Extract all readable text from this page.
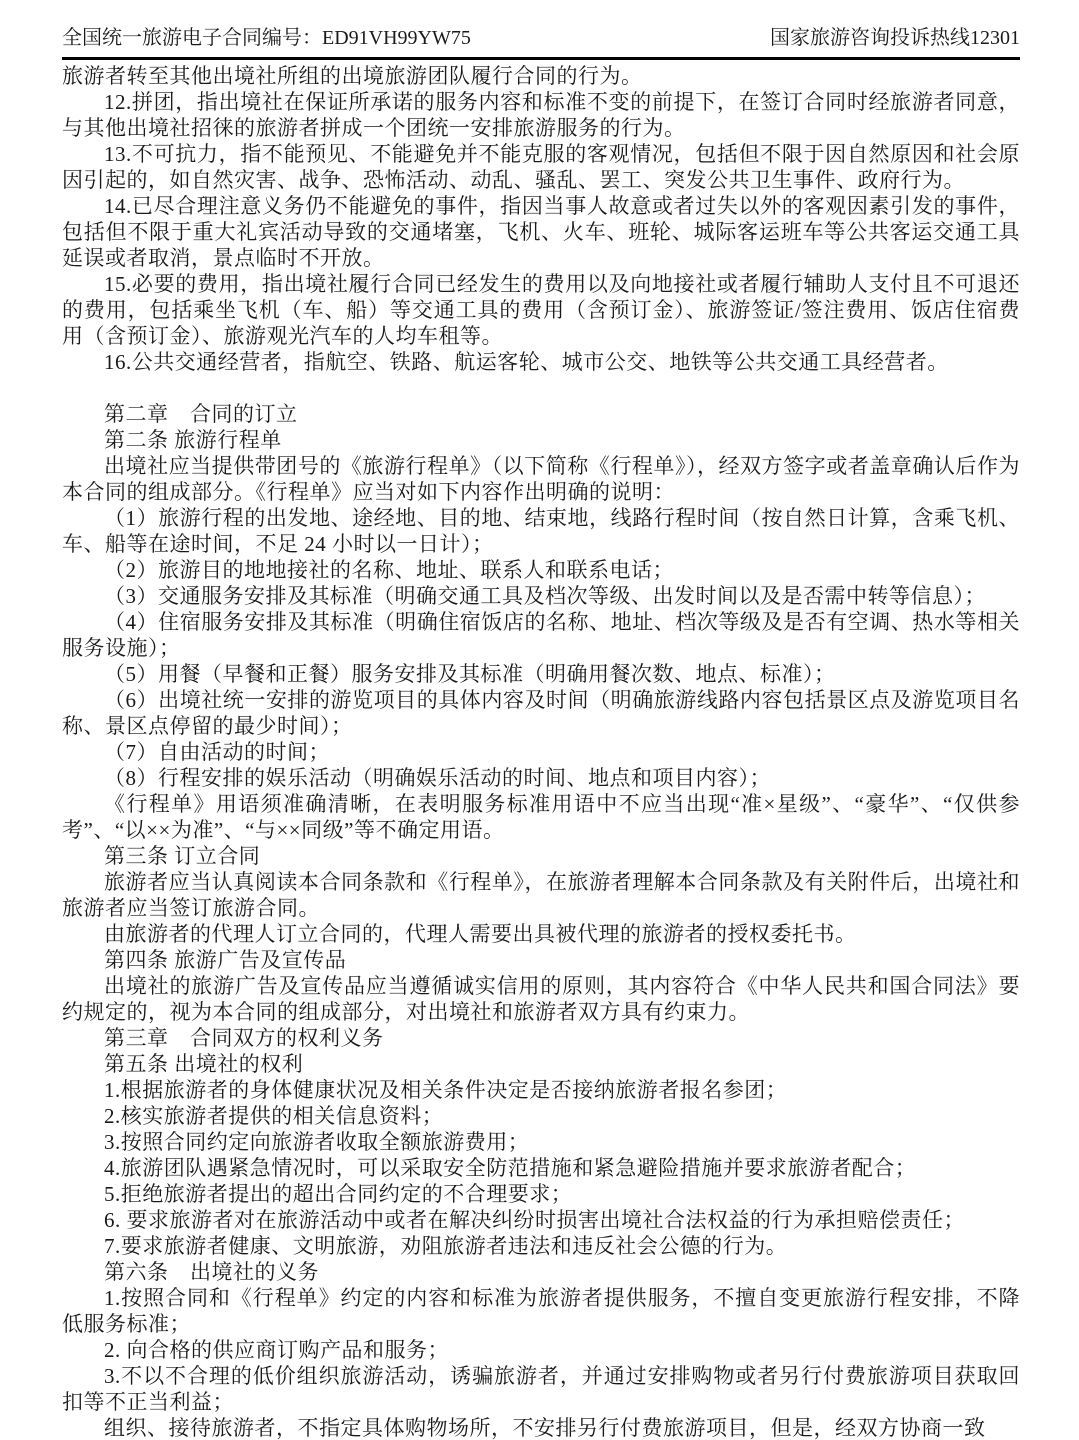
全国统一旅游电子合同编号： ED91VH99YW75	国家旅游咨询投诉热线 12301

旅游者转至其他出境社所组的出境旅游团队履行合同的行为。

12.拼团，指出境社在保证所承诺的服务内容和标准不变的前提下，在签订合同时经旅游者同意，与其他出境社招徕的旅游者拼成一个团统一安排旅游服务的行为。

13.不可抗力，指不能预见、不能避免并不能克服的客观情况，包括但不限于因自然原因和社会原因引起的，如自然灾害、战争、恐怖活动、动乱、骚乱、罢工、突发公共卫生事件、政府行为。

14.已尽合理注意义务仍不能避免的事件，指因当事人故意或者过失以外的客观因素引发的事件，包括但不限于重大礼宾活动导致的交通堵塞，飞机、火车、班轮、城际客运班车等公共客运交通工具延误或者取消，景点临时不开放。

15.必要的费用，指出境社履行合同已经发生的费用以及向地接社或者履行辅助人支付且不可退还的费用，包括乘坐飞机（车、船）等交通工具的费用（含预订金）、旅游签证/签注费用、饭店住宿费用（含预订金）、旅游观光汽车的人均车租等。

16.公共交通经营者，指航空、铁路、航运客轮、城市公交、地铁等公共交通工具经营者。

第二章　合同的订立

第二条 旅游行程单

出境社应当提供带团号的《旅游行程单》（以下简称《行程单》），经双方签字或者盖章确认后作为本合同的组成部分。《行程单》应当对如下内容作出明确的说明：

（1）旅游行程的出发地、途经地、目的地、结束地，线路行程时间（按自然日计算，含乘飞机、车、船等在途时间，不足 24 小时以一日计）；

（2）旅游目的地地接社的名称、地址、联系人和联系电话；

（3）交通服务安排及其标准（明确交通工具及档次等级、出发时间以及是否需中转等信息）；

（4）住宿服务安排及其标准（明确住宿饭店的名称、地址、档次等级及是否有空调、热水等相关服务设施）；

（5）用餐（早餐和正餐）服务安排及其标准（明确用餐次数、地点、标准）；

（6）出境社统一安排的游览项目的具体内容及时间（明确旅游线路内容包括景区点及游览项目名称、景区点停留的最少时间）；

（7）自由活动的时间；

（8）行程安排的娱乐活动（明确娱乐活动的时间、地点和项目内容）；

《行程单》用语须准确清晰，在表明服务标准用语中不应当出现“准×星级”、“豪华”、“仅供参考”、“以××为准”、“与××同级”等不确定用语。

第三条 订立合同

旅游者应当认真阅读本合同条款和《行程单》，在旅游者理解本合同条款及有关附件后，出境社和旅游者应当签订旅游合同。

由旅游者的代理人订立合同的，代理人需要出具被代理的旅游者的授权委托书。

第四条 旅游广告及宣传品

出境社的旅游广告及宣传品应当遵循诚实信用的原则，其内容符合《中华人民共和国合同法》要约规定的，视为本合同的组成部分，对出境社和旅游者双方具有约束力。

第三章　合同双方的权利义务

第五条 出境社的权利

1.根据旅游者的身体健康状况及相关条件决定是否接纳旅游者报名参团；

2.核实旅游者提供的相关信息资料；

3.按照合同约定向旅游者收取全额旅游费用；

4.旅游团队遇紧急情况时，可以采取安全防范措施和紧急避险措施并要求旅游者配合；

5.拒绝旅游者提出的超出合同约定的不合理要求；

6. 要求旅游者对在旅游活动中或者在解决纠纷时损害出境社合法权益的行为承担赔偿责任；

7.要求旅游者健康、文明旅游，劝阻旅游者违法和违反社会公德的行为。

第六条　出境社的义务

1.按照合同和《行程单》约定的内容和标准为旅游者提供服务，不擅自变更旅游行程安排，不降低服务标准；

2. 向合格的供应商订购产品和服务；

3.不以不合理的低价组织旅游活动，诱骗旅游者，并通过安排购物或者另行付费旅游项目获取回扣等不正当利益；

组织、接待旅游者，不指定具体购物场所，不安排另行付费旅游项目，但是，经双方协商一致
